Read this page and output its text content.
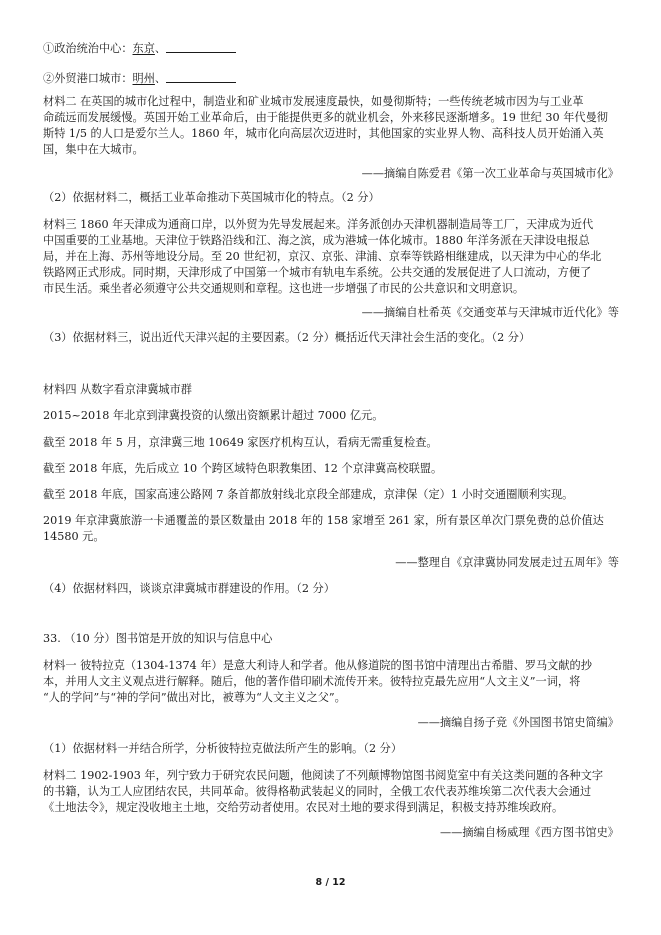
①政治统治中心：东京、
②外贸港口城市：明州、
材料二 在英国的城市化过程中，制造业和矿业城市发展速度最快，如曼彻斯特；一些传统老城市因为与工业革
命疏远而发展缓慢。英国开始工业革命后，由于能提供更多的就业机会，外来移民逐渐增多。19 世纪 30 年代曼彻
斯特 1/5 的人口是爱尔兰人。1860 年，城市化向高层次迈进时，其他国家的实业界人物、高科技人员开始涌入英
国，集中在大城市。
——摘编自陈爱君《第一次工业革命与英国城市化》
（2）依据材料二，概括工业革命推动下英国城市化的特点。（2 分）
材料三 1860 年天津成为通商口岸，以外贸为先导发展起来。洋务派创办天津机器制造局等工厂，天津成为近代
中国重要的工业基地。天津位于铁路沿线和江、海之滨，成为港城一体化城市。1880 年洋务派在天津设电报总
局，并在上海、苏州等地设分局。至 20 世纪初，京汉、京张、津浦、京奉等铁路相继建成，以天津为中心的华北
铁路网正式形成。同时期，天津形成了中国第一个城市有轨电车系统。公共交通的发展促进了人口流动，方便了
市民生活。乘坐者必须遵守公共交通规则和章程。这也进一步增强了市民的公共意识和文明意识。
——摘编自杜希英《交通变革与天津城市近代化》等
（3）依据材料三，说出近代天津兴起的主要因素。（2 分）概括近代天津社会生活的变化。（2 分）
材料四 从数字看京津冀城市群
2015~2018 年北京到津冀投资的认缴出资额累计超过 7000 亿元。
截至 2018 年 5 月，京津冀三地 10649 家医疗机构互认，看病无需重复检查。
截至 2018 年底，先后成立 10 个跨区域特色职教集团、12 个京津冀高校联盟。
截至 2018 年底，国家高速公路网 7 条首都放射线北京段全部建成，京津保（定）1 小时交通圈顺利实现。
2019 年京津冀旅游一卡通覆盖的景区数量由 2018 年的 158 家增至 261 家，所有景区单次门票免费的总价值达
14580 元。
——整理自《京津冀协同发展走过五周年》等
（4）依据材料四，谈谈京津冀城市群建设的作用。（2 分）
33. （10 分）图书馆是开放的知识与信息中心
材料一 彼特拉克（1304-1374 年）是意大利诗人和学者。他从修道院的图书馆中清理出古希腊、罗马文献的抄
本，并用人文主义观点进行解释。随后，他的著作借印刷术流传开来。彼特拉克最先应用“人文主义”一词，将
“人的学问”与“神的学问”做出对比，被尊为“人文主义之父”。
——摘编自扬子竞《外国图书馆史简编》
（1）依据材料一并结合所学，分析彼特拉克做法所产生的影响。（2 分）
材料二 1902-1903 年，列宁致力于研究农民问题，他阅读了不列颠博物馆图书阅览室中有关这类问题的各种文字
的书籍，认为工人应团结农民，共同革命。彼得格勒武装起义的同时，全俄工农代表苏维埃第二次代表大会通过
《土地法令》，规定没收地主土地，交给劳动者使用。农民对土地的要求得到满足，积极支持苏维埃政府。
——摘编自杨威理《西方图书馆史》
8 / 12
